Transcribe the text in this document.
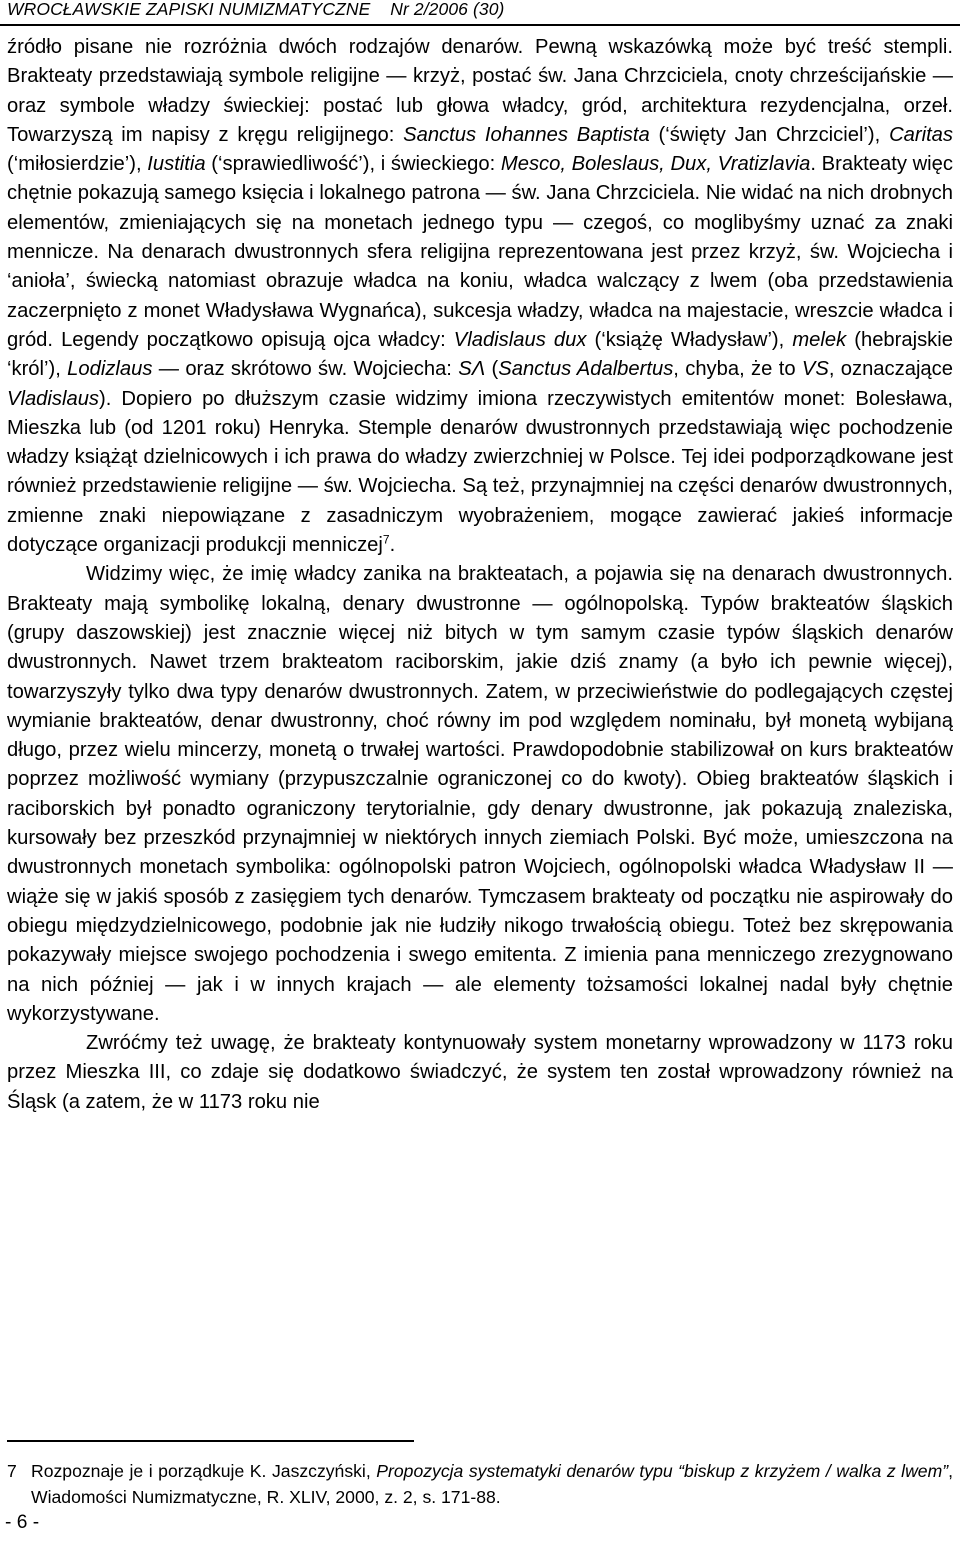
WROCŁAWSKIE ZAPISKI NUMIZMATYCZNE Nr 2/2006 (30)

źródło pisane nie rozróżnia dwóch rodzajów denarów. Pewną wskazówką może być treść stempli. Brakteaty przedstawiają symbole religijne — krzyż, postać św. Jana Chrzciciela, cnoty chrześcijańskie — oraz symbole władzy świeckiej: postać lub głowa władcy, gród, architektura rezydencjalna, orzeł. Towarzyszą im napisy z kręgu religijnego: Sanctus Iohannes Baptista (‘święty Jan Chrzciciel’), Caritas (‘miłosierdzie’), Iustitia (‘sprawiedliwość’), i świeckiego: Mesco, Boleslaus, Dux, Vratizlavia. Brakteaty więc chętnie pokazują samego księcia i lokalnego patrona — św. Jana Chrzciciela. Nie widać na nich drobnych elementów, zmieniających się na monetach jednego typu — czegoś, co moglibyśmy uznać za znaki mennicze. Na denarach dwustronnych sfera religijna reprezentowana jest przez krzyż, św. Wojciecha i ‘anioła’, świecką natomiast obrazuje władca na koniu, władca walczący z lwem (oba przedstawienia zaczerpnięto z monet Władysława Wygnańca), sukcesja władzy, władca na majestacie, wreszcie władca i gród. Legendy początkowo opisują ojca władcy: Vladislaus dux (‘książę Władysław’), melek (hebrajskie ‘król’), Lodizlaus — oraz skrótowo św. Wojciecha: SΛ (Sanctus Adalbertus, chyba, że to VS, oznaczające Vladislaus). Dopiero po dłuższym czasie widzimy imiona rzeczywistych emitentów monet: Bolesława, Mieszka lub (od 1201 roku) Henryka. Stemple denarów dwustronnych przedstawiają więc pochodzenie władzy książąt dzielnicowych i ich prawa do władzy zwierzchniej w Polsce. Tej idei podporządkowane jest również przedstawienie religijne — św. Wojciecha. Są też, przynajmniej na części denarów dwustronnych, zmienne znaki niepowiązane z zasadniczym wyobrażeniem, mogące zawierać jakieś informacje dotyczące organizacji produkcji menniczej$^7$.

Widzimy więc, że imię władcy zanika na brakteatach, a pojawia się na denarach dwustronnych. Brakteaty mają symbolikę lokalną, denary dwustronne — ogólnopolską. Typów brakteatów śląskich (grupy daszowskiej) jest znacznie więcej niż bitych w tym samym czasie typów śląskich denarów dwustronnych. Nawet trzem brakteatom raciborskim, jakie dziś znamy (a było ich pewnie więcej), towarzyszyły tylko dwa typy denarów dwustronnych. Zatem, w przeciwieństwie do podlegających częstej wymianie brakteatów, denar dwustronny, choć równy im pod względem nominału, był monetą wybijaną długo, przez wielu mincerzy, monetą o trwałej wartości. Prawdopodobnie stabilizował on kurs brakteatów poprzez możliwość wymiany (przypuszczalnie ograniczonej co do kwoty). Obieg brakteatów śląskich i raciborskich był ponadto ograniczony terytorialnie, gdy denary dwustronne, jak pokazują znaleziska, kursowały bez przeszkód przynajmniej w niektórych innych ziemiach Polski. Być może, umieszczona na dwustronnych monetach symbolika: ogólnopolski patron Wojciech, ogólnopolski władca Władysław II — wiąże się w jakiś sposób z zasięgiem tych denarów. Tymczasem brakteaty od początku nie aspirowały do obiegu międzydzielnicowego, podobnie jak nie łudziły nikogo trwałością obiegu. Toteż bez skrępowania pokazywały miejsce swojego pochodzenia i swego emitenta. Z imienia pana menniczego zrezygnowano na nich później — jak i w innych krajach — ale elementy tożsamości lokalnej nadal były chętnie wykorzystywane.

Zwróćmy też uwagę, że brakteaty kontynuowały system monetarny wprowadzony w 1173 roku przez Mieszka III, co zdaje się dodatkowo świadczyć, że system ten został wprowadzony również na Śląsk (a zatem, że w 1173 roku nie

7 Rozpoznaje je i porządkuje K. Jaszczyński, Propozycja systematyki denarów typu “biskup z krzyżem / walka z lwem”, Wiadomości Numizmatyczne, R. XLIV, 2000, z. 2, s. 171-88.
- 6 -
